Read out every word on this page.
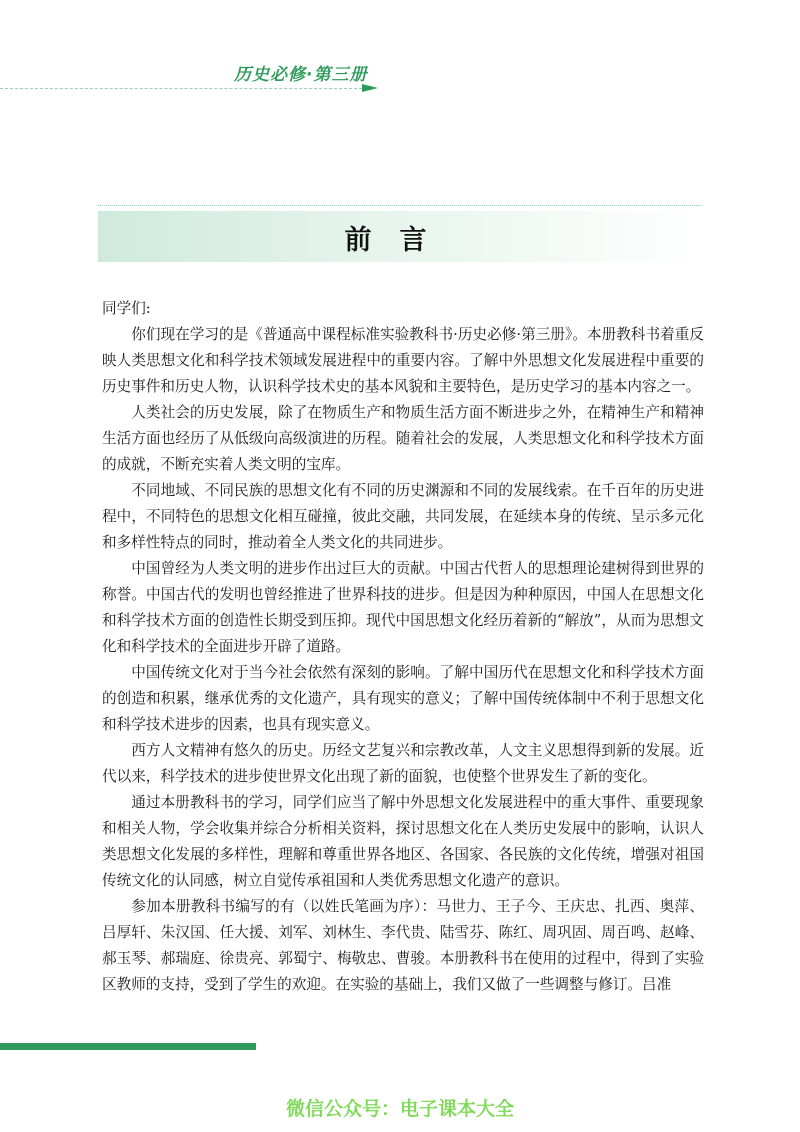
历史必修·第三册
前言

同学们:

你们现在学习的是《普通高中课程标准实验教科书·历史必修·第三册》。本册教科书着重反映人类思想文化和科学技术领域发展进程中的重要内容。了解中外思想文化发展进程中重要的历史事件和历史人物，认识科学技术史的基本风貌和主要特色，是历史学习的基本内容之一。

人类社会的历史发展，除了在物质生产和物质生活方面不断进步之外，在精神生产和精神生活方面也经历了从低级向高级演进的历程。随着社会的发展，人类思想文化和科学技术方面的成就，不断充实着人类文明的宝库。

不同地域、不同民族的思想文化有不同的历史渊源和不同的发展线索。在千百年的历史进程中，不同特色的思想文化相互碰撞，彼此交融，共同发展，在延续本身的传统、呈示多元化和多样性特点的同时，推动着全人类文化的共同进步。

中国曾经为人类文明的进步作出过巨大的贡献。中国古代哲人的思想理论建树得到世界的称誉。中国古代的发明也曾经推进了世界科技的进步。但是因为种种原因，中国人在思想文化和科学技术方面的创造性长期受到压抑。现代中国思想文化经历着新的“解放”，从而为思想文化和科学技术的全面进步开辟了道路。

中国传统文化对于当今社会依然有深刻的影响。了解中国历代在思想文化和科学技术方面的创造和积累，继承优秀的文化遗产，具有现实的意义；了解中国传统体制中不利于思想文化和科学技术进步的因素，也具有现实意义。

西方人文精神有悠久的历史。历经文艺复兴和宗教改革，人文主义思想得到新的发展。近代以来，科学技术的进步使世界文化出现了新的面貌，也使整个世界发生了新的变化。

通过本册教科书的学习，同学们应当了解中外思想文化发展进程中的重大事件、重要现象和相关人物，学会收集并综合分析相关资料，探讨思想文化在人类历史发展中的影响，认识人类思想文化发展的多样性，理解和尊重世界各地区、各国家、各民族的文化传统，增强对祖国传统文化的认同感，树立自觉传承祖国和人类优秀思想文化遗产的意识。

参加本册教科书编写的有（以姓氏笔画为序）：马世力、王子今、王庆忠、扎西、奥萍、吕厚轩、朱汉国、任大援、刘军、刘林生、李代贵、陆雪芬、陈红、周巩固、周百鸣、赵峰、郝玉琴、郝瑞庭、徐贵亮、郭蜀宁、梅敬忠、曹骏。本册教科书在使用的过程中，得到了实验区教师的支持，受到了学生的欢迎。在实验的基础上，我们又做了一些调整与修订。吕准

微信公众号：电子课本大全
